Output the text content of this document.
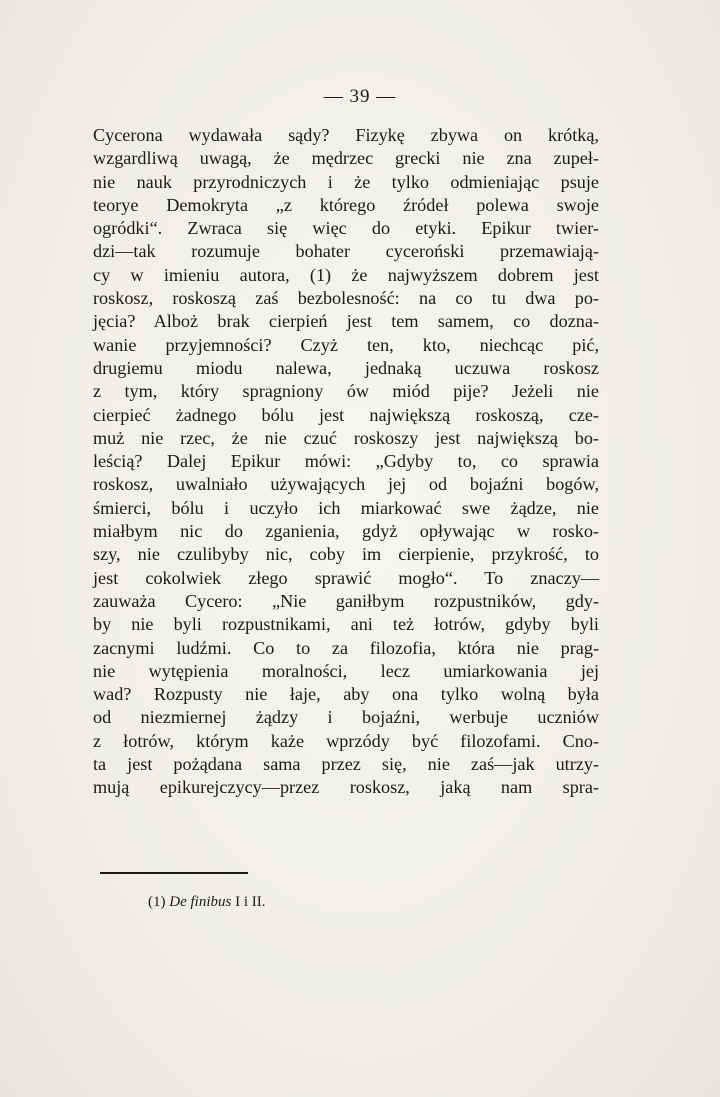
— 39 —
Cycerona wydawała sądy? Fizykę zbywa on krótką,
wzgardliwą uwagą, że mędrzec grecki nie zna zupeł-
nie nauk przyrodniczych i że tylko odmieniając psuje
teorye Demokryta „z którego źródeł polewa swoje
ogródki“. Zwraca się więc do etyki. Epikur twier-
dzi—tak rozumuje bohater cyceroński przemawiają-
cy w imieniu autora, (1) że najwyższem dobrem jest
roskosz, roskoszą zaś bezbolesność: na co tu dwa po-
jęcia? Alboż brak cierpień jest tem samem, co dozna-
wanie przyjemności? Czyż ten, kto, niechcąc pić,
drugiemu miodu nalewa, jednaką uczuwa roskosz
z tym, który spragniony ów miód pije? Jeżeli nie
cierpieć żadnego bólu jest największą roskoszą, cze-
muż nie rzec, że nie czuć roskoszy jest największą bo-
leścią? Dalej Epikur mówi: „Gdyby to, co sprawia
roskosz, uwalniało używających jej od bojaźni bogów,
śmierci, bólu i uczyło ich miarkować swe żądze, nie
miałbym nic do zganienia, gdyż opływając w rosko-
szy, nie czulibyby nic, coby im cierpienie, przykrość, to
jest cokolwiek złego sprawić mogło“. To znaczy—
zauważa Cycero: „Nie ganiłbym rozpustników, gdy-
by nie byli rozpustnikami, ani też łotrów, gdyby byli
zacnymi ludźmi. Co to za filozofia, która nie prag-
nie wytępienia moralności, lecz umiarkowania jej
wad? Rozpusty nie łaje, aby ona tylko wolną była
od niezmiernej żądzy i bojaźni, werbuje uczniów
z łotrów, którym każe wprzódy być filozofami. Cno-
ta jest pożądana sama przez się, nie zaś—jak utrzy-
mują epikurejczycy—przez roskosz, jaką nam spra-
(1) De finibus I i II.
